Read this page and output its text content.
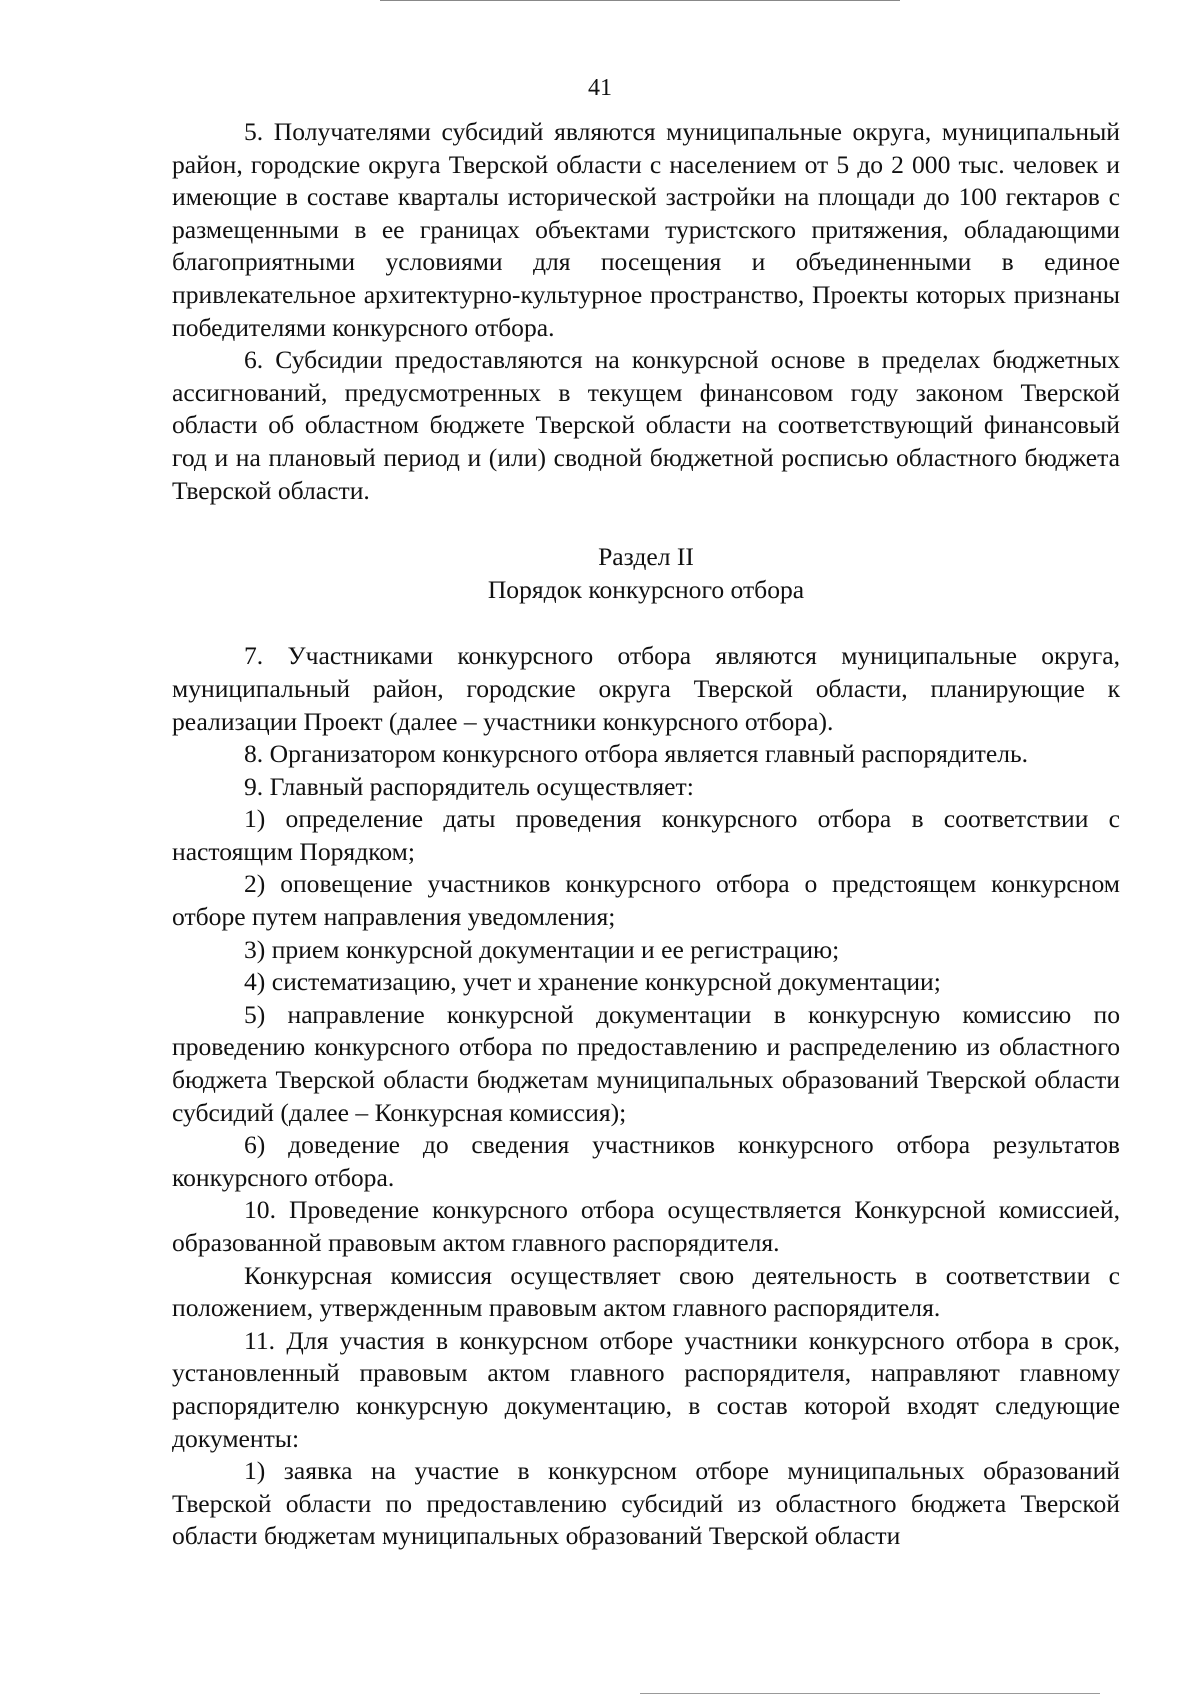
41

5. Получателями субсидий являются муниципальные округа, муниципальный район, городские округа Тверской области с населением от 5 до 2 000 тыс. человек и имеющие в составе кварталы исторической застройки на площади до 100 гектаров с размещенными в ее границах объектами туристского притяжения, обладающими благоприятными условиями для посещения и объединенными в единое привлекательное архитектурно-культурное пространство, Проекты которых признаны победителями конкурсного отбора.

6. Субсидии предоставляются на конкурсной основе в пределах бюджетных ассигнований, предусмотренных в текущем финансовом году законом Тверской области об областном бюджете Тверской области на соответствующий финансовый год и на плановый период и (или) сводной бюджетной росписью областного бюджета Тверской области.

Раздел II

Порядок конкурсного отбора

7. Участниками конкурсного отбора являются муниципальные округа, муниципальный район, городские округа Тверской области, планирующие к реализации Проект (далее – участники конкурсного отбора).

8. Организатором конкурсного отбора является главный распорядитель.

9. Главный распорядитель осуществляет:

1) определение даты проведения конкурсного отбора в соответствии с настоящим Порядком;

2) оповещение участников конкурсного отбора о предстоящем конкурсном отборе путем направления уведомления;

3) прием конкурсной документации и ее регистрацию;

4) систематизацию, учет и хранение конкурсной документации;

5) направление конкурсной документации в конкурсную комиссию по проведению конкурсного отбора по предоставлению и распределению из областного бюджета Тверской области бюджетам муниципальных образований Тверской области субсидий (далее – Конкурсная комиссия);

6) доведение до сведения участников конкурсного отбора результатов конкурсного отбора.

10. Проведение конкурсного отбора осуществляется Конкурсной комиссией, образованной правовым актом главного распорядителя.

Конкурсная комиссия осуществляет свою деятельность в соответствии с положением, утвержденным правовым актом главного распорядителя.

11. Для участия в конкурсном отборе участники конкурсного отбора в срок, установленный правовым актом главного распорядителя, направляют главному распорядителю конкурсную документацию, в состав которой входят следующие документы:

1) заявка на участие в конкурсном отборе муниципальных образований Тверской области по предоставлению субсидий из областного бюджета Тверской области бюджетам муниципальных образований Тверской области
